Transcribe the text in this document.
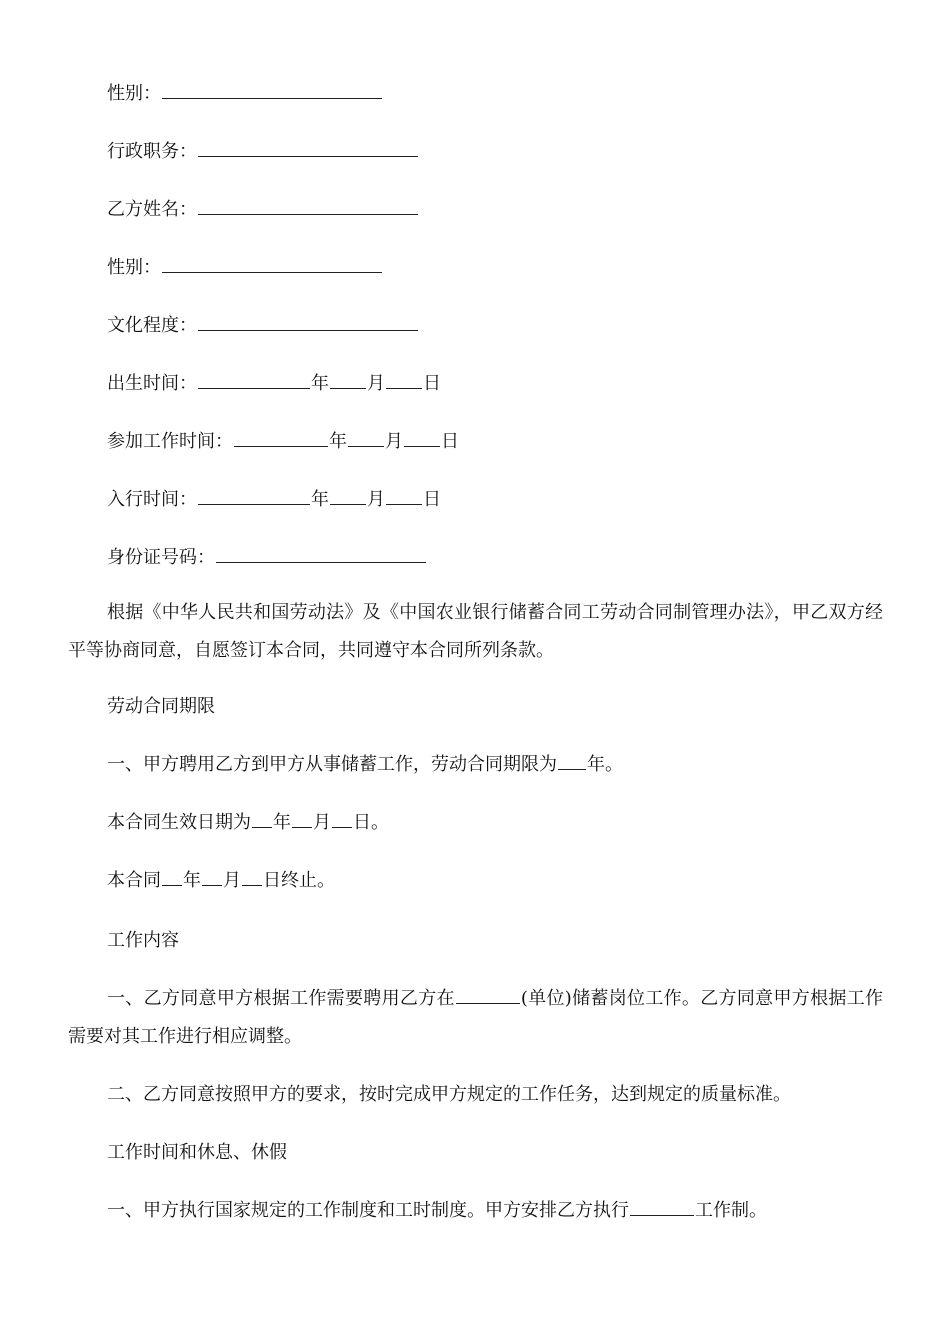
性别：
行政职务：
乙方姓名：
性别：
文化程度：
出生时间：	年 月 日
参加工作时间：	年 月 日
入行时间：	年 月 日
身份证号码：
根据《中华人民共和国劳动法》及《中国农业银行储蓄合同工劳动合同制管理办法》，甲乙双方经平等协商同意，自愿签订本合同，共同遵守本合同所列条款。
劳动合同期限
一、甲方聘用乙方到甲方从事储蓄工作，劳动合同期限为 年。
本合同生效日期为 年 月 日。
本合同 年 月 日终止。
工作内容
一、乙方同意甲方根据工作需要聘用乙方在	(单位)储蓄岗位工作。乙方同意甲方根据工作需要对其工作进行相应调整。
二、乙方同意按照甲方的要求，按时完成甲方规定的工作任务，达到规定的质量标准。
工作时间和休息、休假
一、甲方执行国家规定的工作制度和工时制度。甲方安排乙方执行	工作制。
